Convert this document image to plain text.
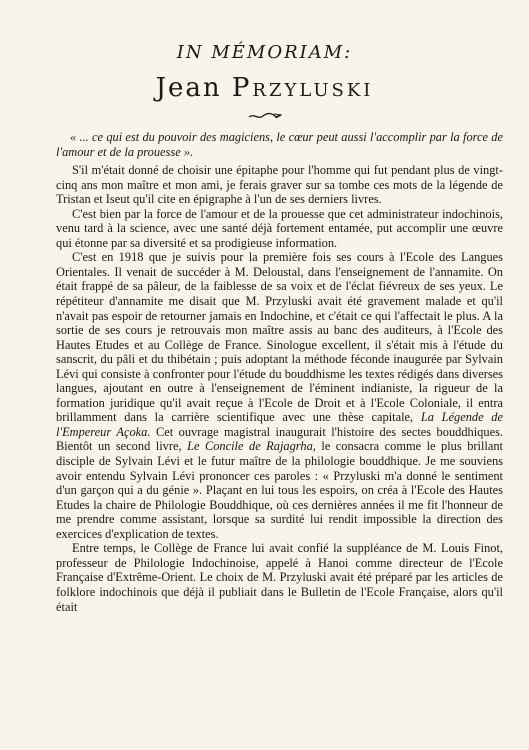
IN MÉMORIAM:
Jean Przyluski

« ... ce qui est du pouvoir des magiciens, le cœur peut aussi l'accomplir par la force de l'amour et de la prouesse ».

S'il m'était donné de choisir une épitaphe pour l'homme qui fut pendant plus de vingt-cinq ans mon maître et mon ami, je ferais graver sur sa tombe ces mots de la légende de Tristan et Iseut qu'il cite en épigraphe à l'un de ses derniers livres.

C'est bien par la force de l'amour et de la prouesse que cet administrateur indochinois, venu tard à la science, avec une santé déjà fortement entamée, put accomplir une œuvre qui étonne par sa diversité et sa prodigieuse information.

C'est en 1918 que je suivis pour la première fois ses cours à l'Ecole des Langues Orientales. Il venait de succéder à M. Deloustal, dans l'enseignement de l'annamite. On était frappé de sa pâleur, de la faiblesse de sa voix et de l'éclat fiévreux de ses yeux. Le répétiteur d'annamite me disait que M. Przyluski avait été gravement malade et qu'il n'avait pas espoir de retourner jamais en Indochine, et c'était ce qui l'affectait le plus. A la sortie de ses cours je retrouvais mon maître assis au banc des auditeurs, à l'Ecole des Hautes Etudes et au Collège de France. Sinologue excellent, il s'était mis à l'étude du sanscrit, du pâli et du thibétain ; puis adoptant la méthode féconde inaugurée par Sylvain Lévi qui consiste à confronter pour l'étude du bouddhisme les textes rédigés dans diverses langues, ajoutant en outre à l'enseignement de l'éminent indianiste, la rigueur de la formation juridique qu'il avait reçue à l'Ecole de Droit et à l'Ecole Coloniale, il entra brillamment dans la carrière scientifique avec une thèse capitale, La Légende de l'Empereur Açoka. Cet ouvrage magistral inaugurait l'histoire des sectes bouddhiques. Bientôt un second livre, Le Concile de Rajagrha, le consacra comme le plus brillant disciple de Sylvain Lévi et le futur maître de la philologie bouddhique. Je me souviens avoir entendu Sylvain Lévi prononcer ces paroles : « Przyluski m'a donné le sentiment d'un garçon qui a du génie ». Plaçant en lui tous les espoirs, on créa à l'Ecole des Hautes Etudes la chaire de Philologie Bouddhique, où ces dernières années il me fit l'honneur de me prendre comme assistant, lorsque sa surdité lui rendit impossible la direction des exercices d'explication de textes.

Entre temps, le Collège de France lui avait confié la suppléance de M. Louis Finot, professeur de Philologie Indochinoise, appelé à Hanoi comme directeur de l'Ecole Française d'Extrême-Orient. Le choix de M. Przyluski avait été préparé par les articles de folklore indochinois que déjà il publiait dans le Bulletin de l'Ecole Française, alors qu'il était
